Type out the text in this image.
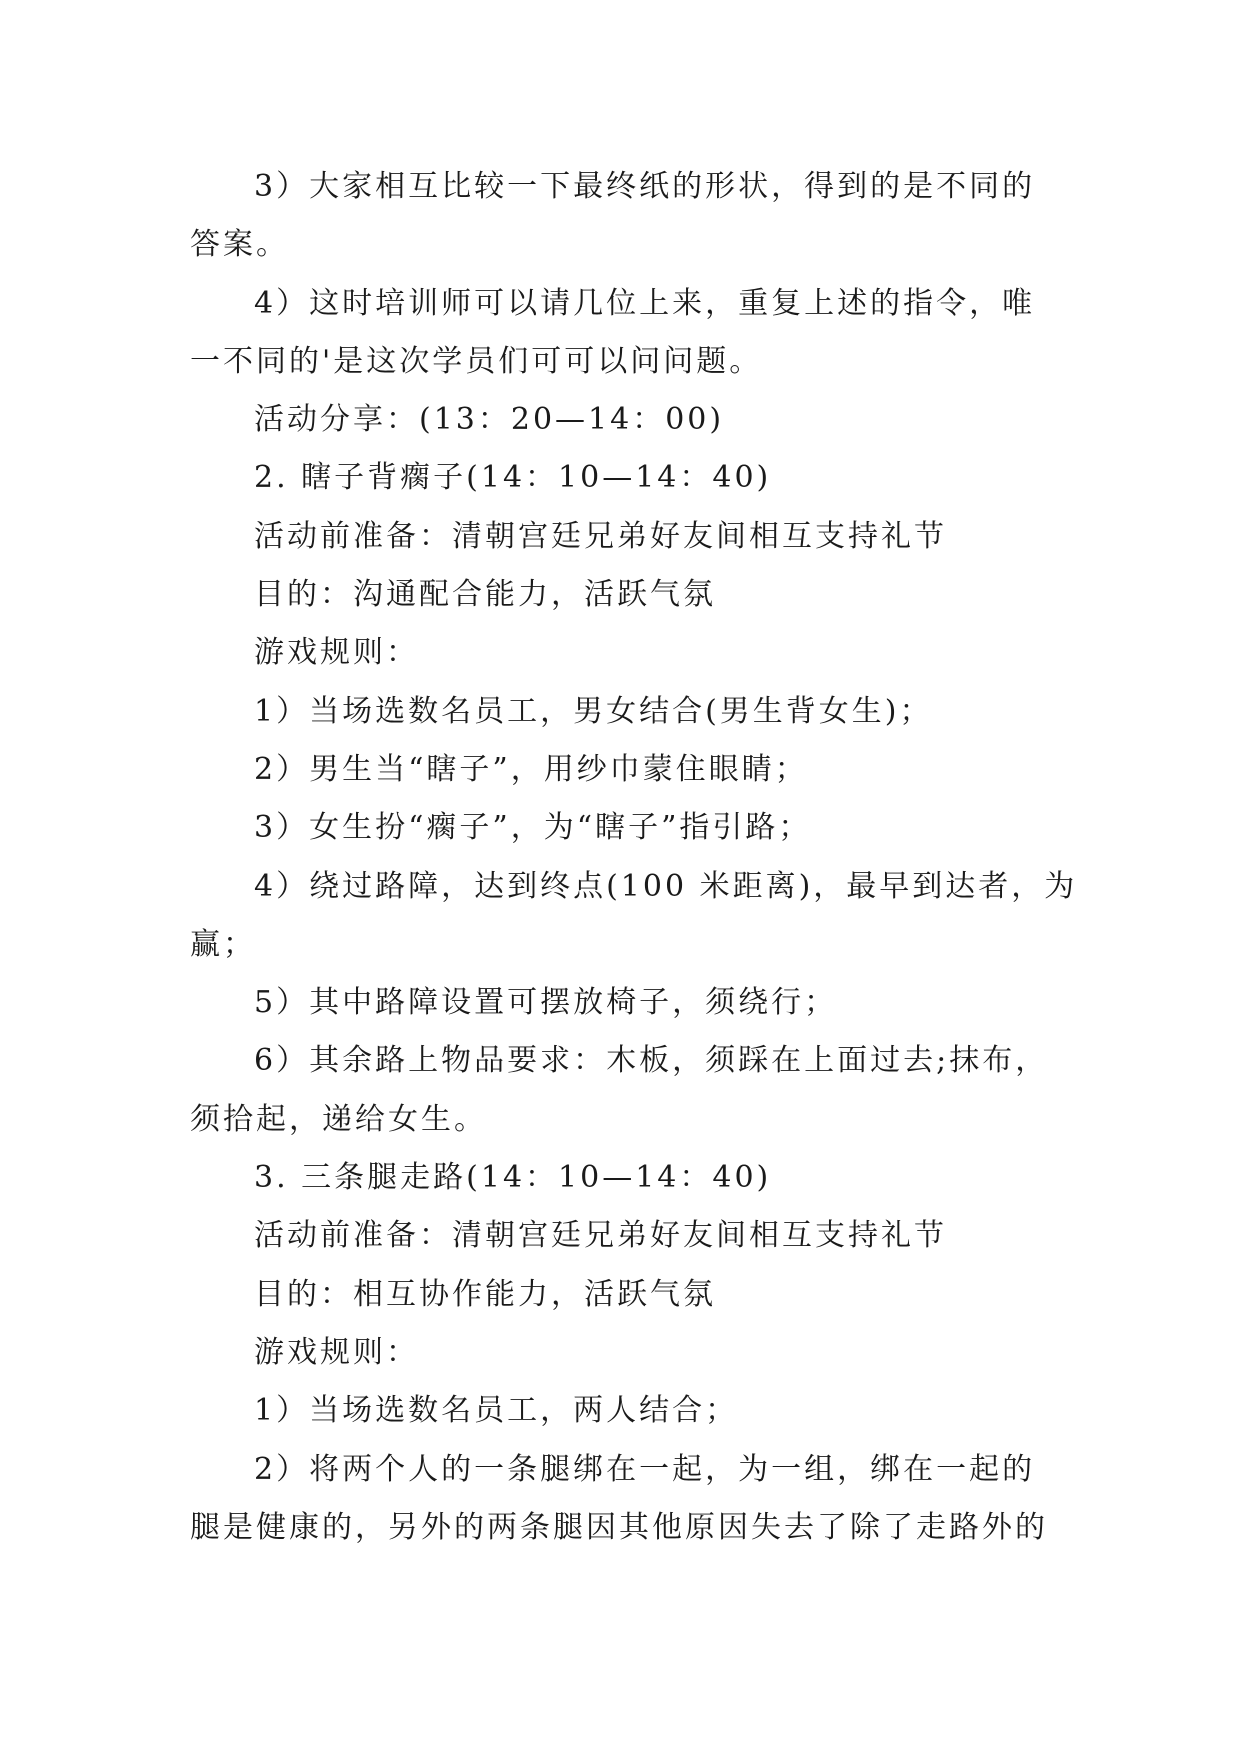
3）大家相互比较一下最终纸的形状，得到的是不同的
答案。
4）这时培训师可以请几位上来，重复上述的指令，唯
一不同的'是这次学员们可可以问问题。
活动分享：(13：20—14：00)
2. 瞎子背瘸子(14：10—14：40)
活动前准备：清朝宫廷兄弟好友间相互支持礼节
目的：沟通配合能力，活跃气氛
游戏规则：
1）当场选数名员工，男女结合(男生背女生)；
2）男生当“瞎子”，用纱巾蒙住眼睛；
3）女生扮“瘸子”，为“瞎子”指引路；
4）绕过路障，达到终点(100 米距离)，最早到达者，为
赢；
5）其中路障设置可摆放椅子，须绕行；
6）其余路上物品要求：木板，须踩在上面过去;抹布，
须拾起，递给女生。
3. 三条腿走路(14：10—14：40)
活动前准备：清朝宫廷兄弟好友间相互支持礼节
目的：相互协作能力，活跃气氛
游戏规则：
1）当场选数名员工，两人结合；
2）将两个人的一条腿绑在一起，为一组，绑在一起的
腿是健康的，另外的两条腿因其他原因失去了除了走路外的
